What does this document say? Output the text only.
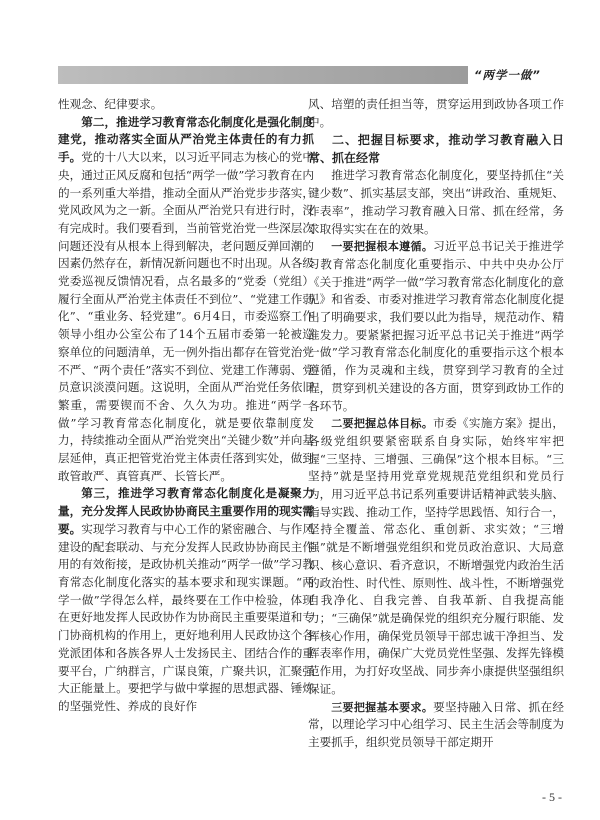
“两学一做”

性观念、纪律要求。

第二，推进学习教育常态化制度化是强化制度建党，推动落实全面从严治党主体责任的有力抓手。党的十八大以来，以习近平同志为核心的党中央，通过正风反腐和包括“两学一做”学习教育在内的一系列重大举措，推动全面从严治党步步落实，党风政风为之一新。全面从严治党只有进行时，没有完成时。我们要看到，当前管党治党一些深层次问题还没有从根本上得到解决，老问题反弹回潮的因素仍然存在，新情况新问题也不时出现。从各级党委巡视反馈情况看，点名最多的“党委（党组）履行全面从严治党主体责任不到位”、“党建工作弱化”、“重业务、轻党建”。6月4日，市委巡察工作领导小组办公室公布了14个五届市委第一轮被巡察单位的问题清单，无一例外指出都存在管党治党不严、“两个责任”落实不到位、党建工作薄弱、党员意识淡漠问题。这说明，全面从严治党任务依旧繁重，需要锲而不舍、久久为功。推进“两学一做”学习教育常态化制度化，就是要依靠制度发力，持续推动全面从严治党突出“关键少数”并向基层延伸，真正把管党治党主体责任落到实处，做到敢管敢严、真管真严、长管长严。

第三，推进学习教育常态化制度化是凝聚力量，充分发挥人民政协协商民主重要作用的现实需要。实现学习教育与中心工作的紧密融合、与作风建设的配套联动、与充分发挥人民政协协商民主作用的有效衔接，是政协机关推动“两学一做”学习教育常态化制度化落实的基本要求和现实课题。“两学一做”学得怎么样，最终要在工作中检验，体现在更好地发挥人民政协作为协商民主重要渠道和专门协商机构的作用上，更好地利用人民政协这个各党派团体和各族各界人士发扬民主、团结合作的重要平台，广纳群言，广谋良策，广聚共识，汇聚强大正能量上。要把学与做中掌握的思想武器、锤炼的坚强党性、养成的良好作

风、培塑的责任担当等，贯穿运用到政协各项工作中。

二、把握目标要求，推动学习教育融入日常、抓在经常

推进学习教育常态化制度化，要坚持抓住“关键少数”、抓实基层支部，突出“讲政治、重规矩、作表率”，推动学习教育融入日常、抓在经常，务求取得实实在在的效果。

一要把握根本遵循。习近平总书记关于推进学习教育常态化制度化重要指示、中共中央办公厅《关于推进“两学一做”学习教育常态化制度化的意见》和省委、市委对推进学习教育常态化制度化提出了明确要求，我们要以此为指导，规范动作、精准发力。要紧紧把握习近平总书记关于推进“两学一做”学习教育常态化制度化的重要指示这个根本遵循，作为灵魂和主线，贯穿到学习教育的全过程，贯穿到机关建设的各方面，贯穿到政协工作的各环节。

二要把握总体目标。市委《实施方案》提出，各级党组织要紧密联系自身实际，始终牢牢把握“三坚持、三增强、三确保”这个根本目标。“三坚持”就是坚持用党章党规规范党组织和党员行为，用习近平总书记系列重要讲话精神武装头脑、指导实践、推动工作，坚持学思践悟、知行合一，坚持全覆盖、常态化、重创新、求实效；“三增强”就是不断增强党组织和党员政治意识、大局意识、核心意识、看齐意识，不断增强党内政治生活的政治性、时代性、原则性、战斗性，不断增强党自我净化、自我完善、自我革新、自我提高能力；“三确保”就是确保党的组织充分履行职能、发挥核心作用，确保党员领导干部忠诚干净担当、发挥表率作用，确保广大党员党性坚强、发挥先锋模范作用，为打好攻坚战、同步奔小康提供坚强组织保证。

三要把握基本要求。要坚持融入日常、抓在经常，以理论学习中心组学习、民主生活会等制度为主要抓手，组织党员领导干部定期开

- 5 -
